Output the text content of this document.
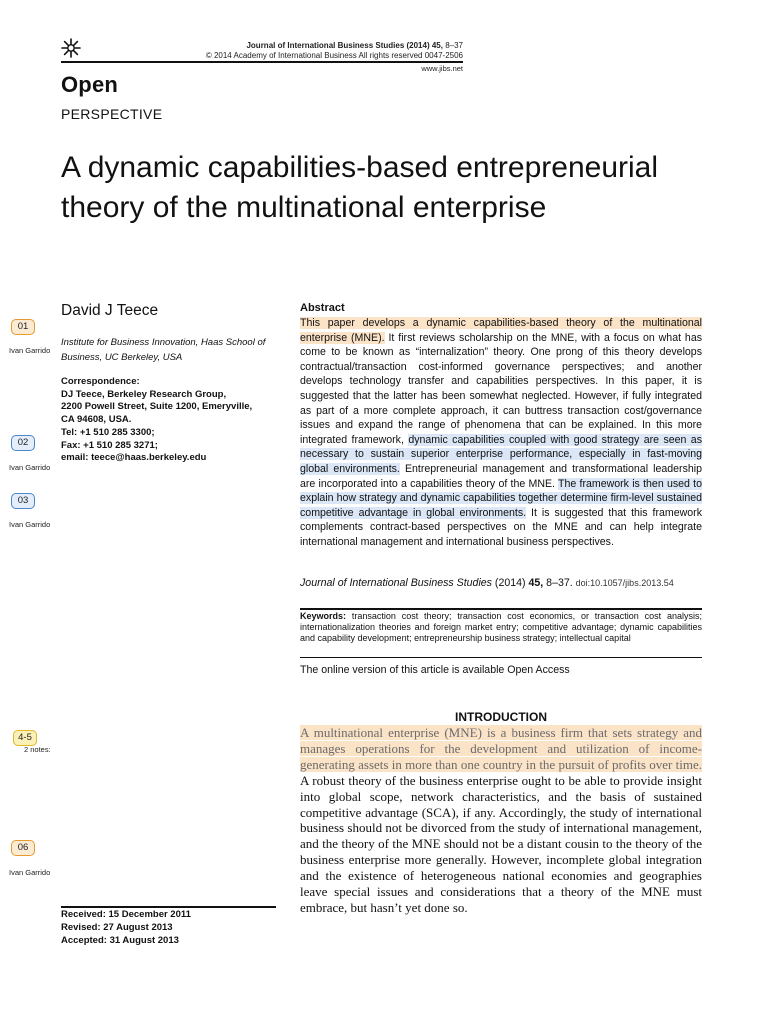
Journal of International Business Studies (2014) 45, 8–37
© 2014 Academy of International Business All rights reserved 0047-2506
www.jibs.net
Open
PERSPECTIVE
A dynamic capabilities-based entrepreneurial theory of the multinational enterprise
David J Teece
Institute for Business Innovation, Haas School of Business, UC Berkeley, USA
Correspondence:
DJ Teece, Berkeley Research Group,
2200 Powell Street, Suite 1200, Emeryville,
CA 94608, USA.
Tel: +1 510 285 3300;
Fax: +1 510 285 3271;
email: teece@haas.berkeley.edu
Abstract
This paper develops a dynamic capabilities-based theory of the multinational enterprise (MNE). It first reviews scholarship on the MNE, with a focus on what has come to be known as “internalization” theory. One prong of this theory develops contractual/transaction cost-informed governance perspectives; and another develops technology transfer and capabilities perspectives. In this paper, it is suggested that the latter has been somewhat neglected. However, if fully integrated as part of a more complete approach, it can buttress transaction cost/governance issues and expand the range of phenomena that can be explained. In this more integrated framework, dynamic capabilities coupled with good strategy are seen as necessary to sustain superior enterprise performance, especially in fast-moving global environments. Entrepreneurial management and transformational leadership are incorporated into a capabilities theory of the MNE. The framework is then used to explain how strategy and dynamic capabilities together determine firm-level sustained competitive advantage in global environments. It is suggested that this framework complements contract-based perspectives on the MNE and can help integrate international management and international business perspectives.
Journal of International Business Studies (2014) 45, 8–37. doi:10.1057/jibs.2013.54
Keywords: transaction cost theory; transaction cost economics, or transaction cost analysis; internationalization theories and foreign market entry; competitive advantage; dynamic capabilities and capability development; entrepreneurship business strategy; intellectual capital
The online version of this article is available Open Access
INTRODUCTION
A multinational enterprise (MNE) is a business firm that sets strategy and manages operations for the development and utilization of income-generating assets in more than one country in the pursuit of profits over time. A robust theory of the business enterprise ought to be able to provide insight into global scope, network characteristics, and the basis of sustained competitive advantage (SCA), if any. Accordingly, the study of international business should not be divorced from the study of international management, and the theory of the MNE should not be a distant cousin to the theory of the business enterprise more generally. However, incomplete global integration and the existence of heterogeneous national economies and geographies leave special issues and considerations that a theory of the MNE must embrace, but hasn’t yet done so.
Received: 15 December 2011
Revised: 27 August 2013
Accepted: 31 August 2013
01
Ivan Garrido
02
Ivan Garrido
03
Ivan Garrido
4-5
2 notes:
06
Ivan Garrido
